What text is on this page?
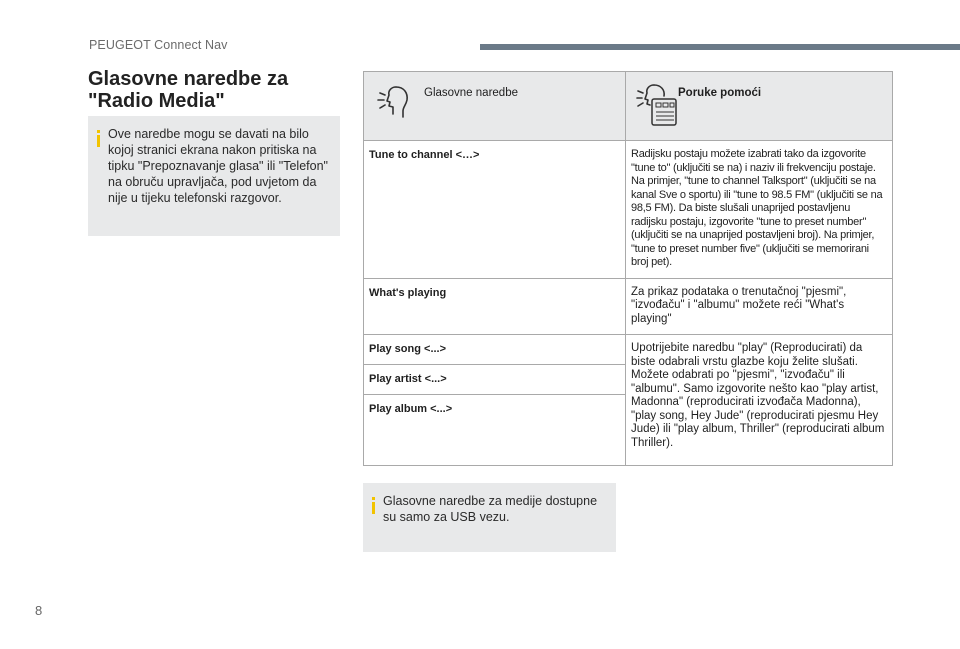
PEUGEOT Connect Nav
Glasovne naredbe za
"Radio Media"

Ove naredbe mogu se davati na bilo kojoj stranici ekrana nakon pritiska na tipku "Prepoznavanje glasa" ili "Telefon" na obruču upravljača, pod uvjetom da nije u tijeku telefonski razgovor.

Glasovne naredbe	Poruke pomoći

Tune to channel <…>	Radijsku postaju možete izabrati tako da izgovorite "tune to" (uključiti se na) i naziv ili frekvenciju postaje. Na primjer, "tune to channel Talksport" (uključiti se na kanal Sve o sportu) ili "tune to 98.5 FM" (uključiti se na 98,5 FM). Da biste slušali unaprijed postavljenu radijsku postaju, izgovorite "tune to preset number" (uključiti se na unaprijed postavljeni broj). Na primjer, "tune to preset number five" (uključiti se memorirani broj pet).

What's playing	Za prikaz podataka o trenutačnoj "pjesmi", "izvođaču" i "albumu" možete reći "What's playing"

Play song <...>	Upotrijebite naredbu "play" (Reproducirati) da biste odabrali vrstu glazbe koju želite slušati. Možete odabrati po "pjesmi", "izvođaču" ili "albumu". Samo izgovorite nešto kao "play artist, Madonna" (reproducirati izvođača Madonna), "play song, Hey Jude" (reproducirati pjesmu Hey Jude) ili "play album, Thriller" (reproducirati album Thriller).

Play artist <...>	

Play album <...>	

Glasovne naredbe za medije dostupne su samo za USB vezu.

8
